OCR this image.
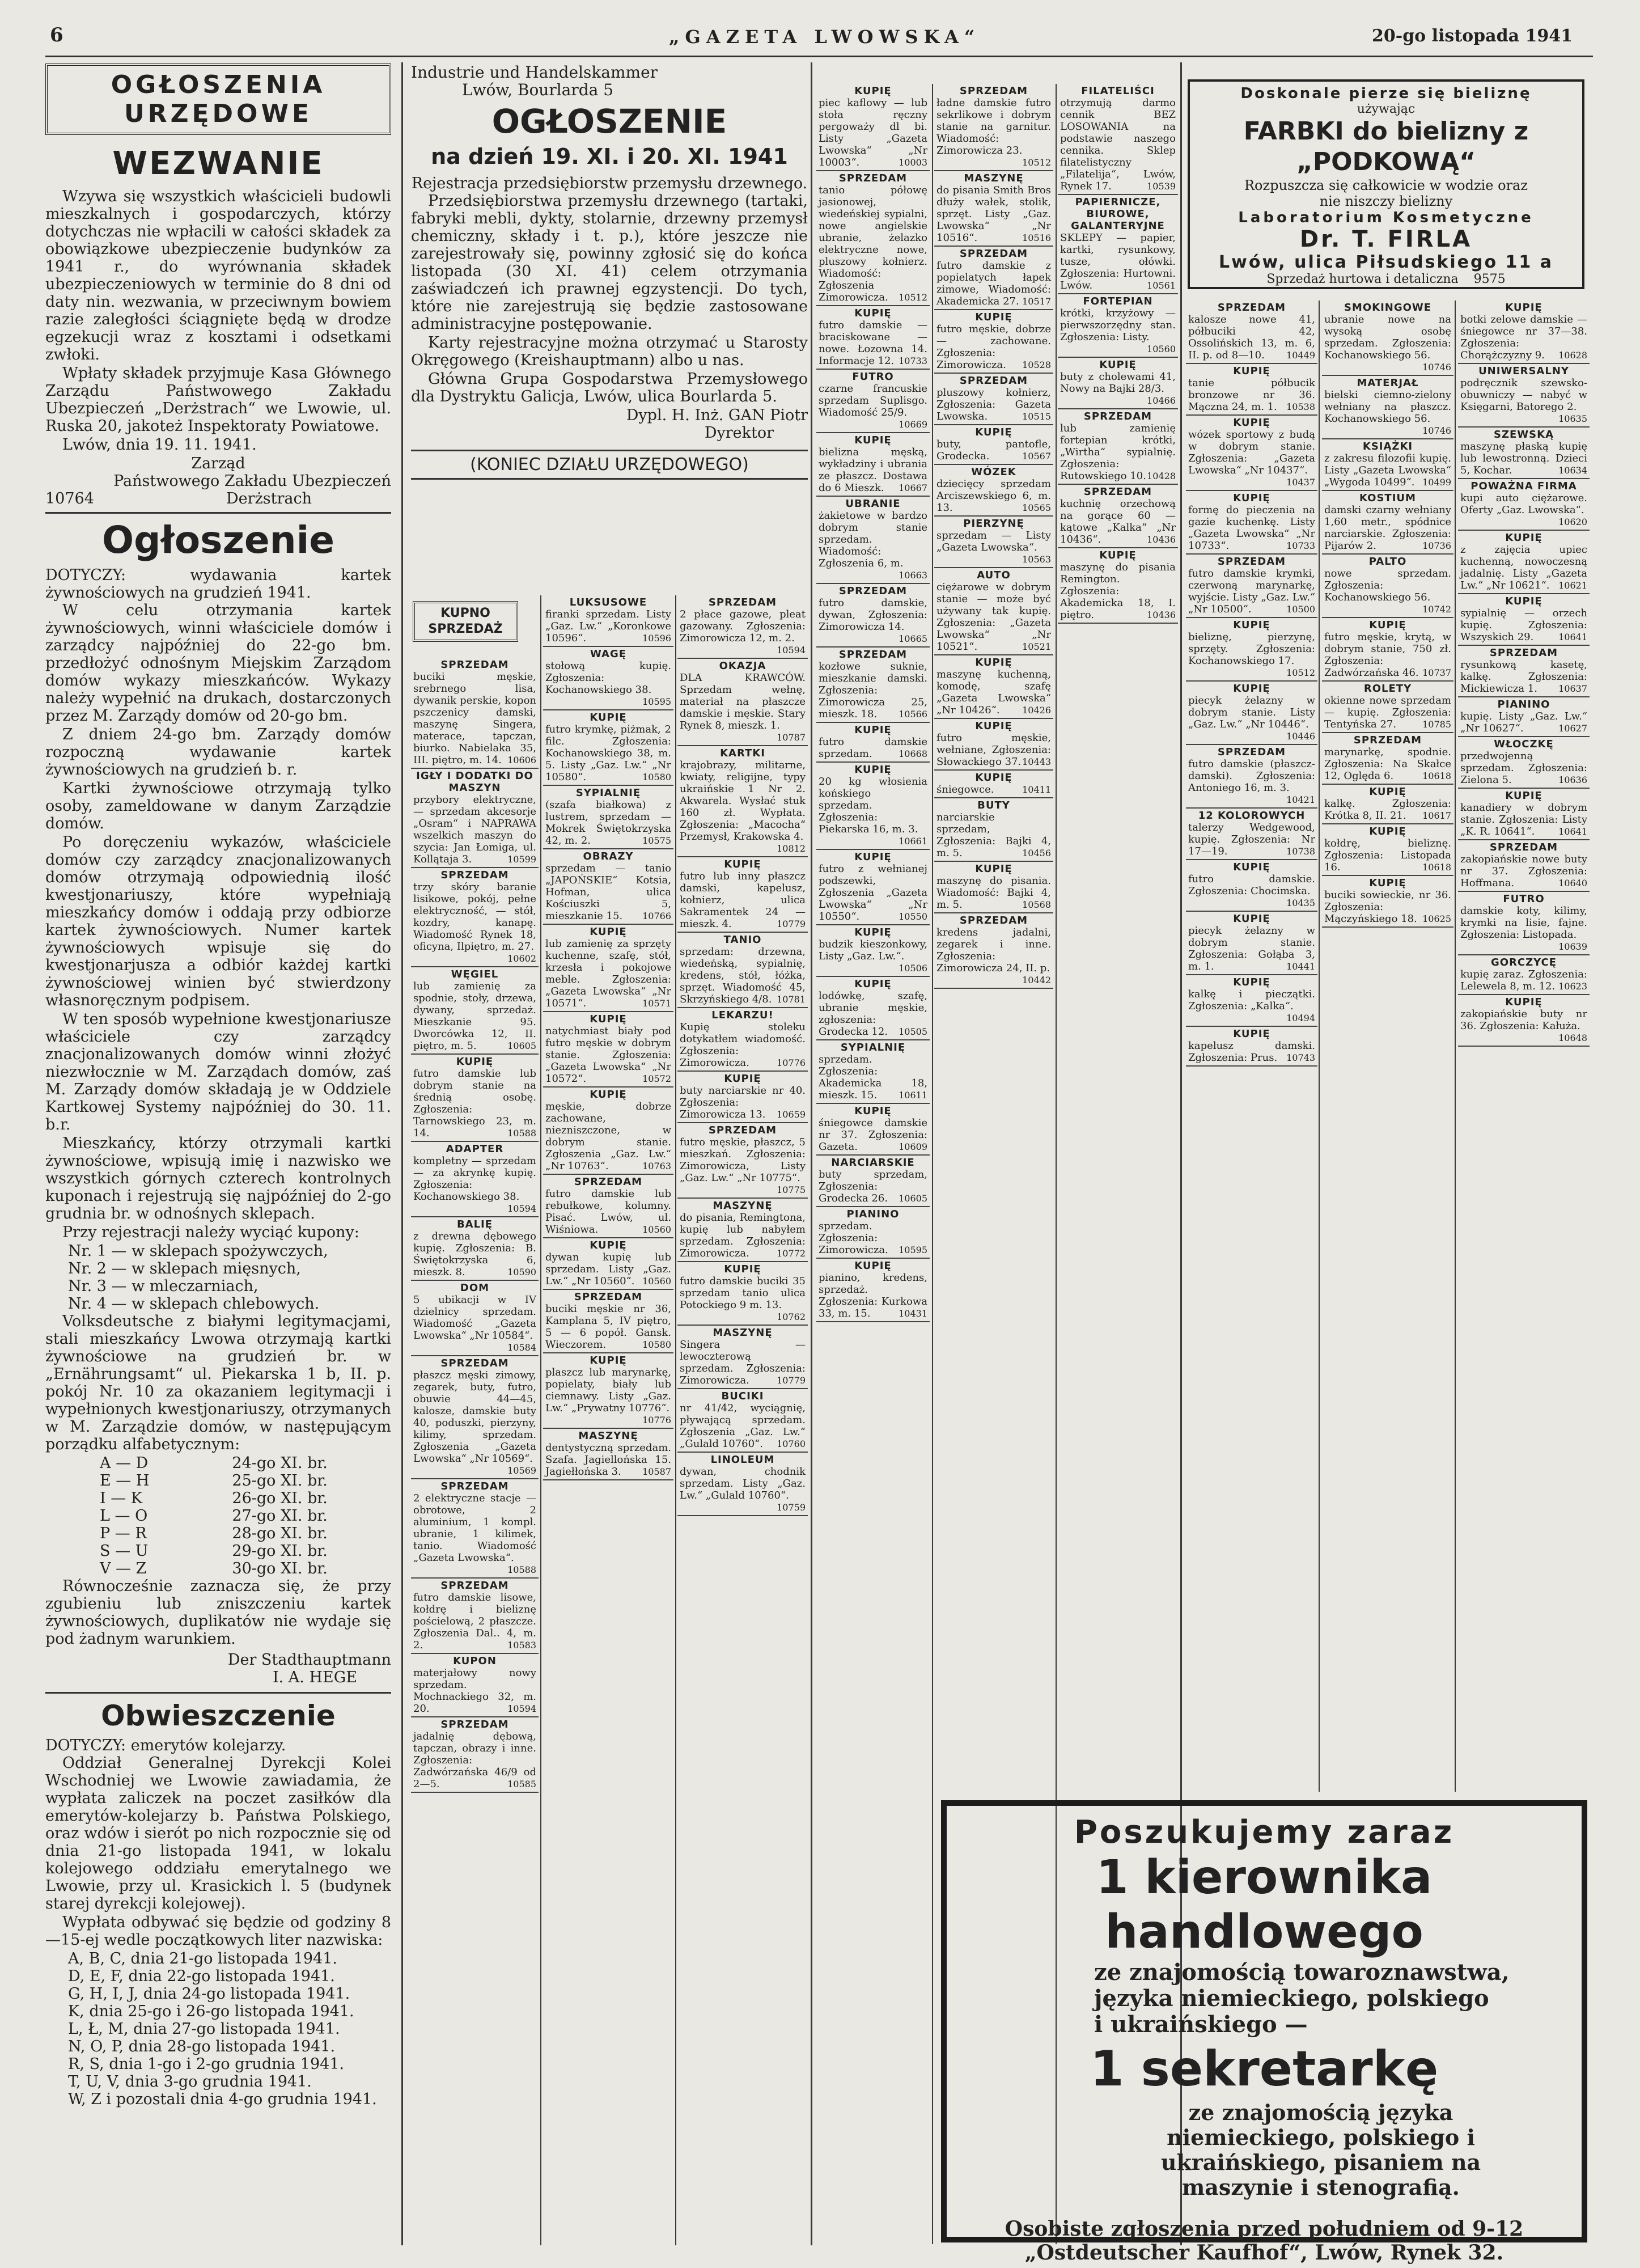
6	„GAZETA LWOWSKA“	20-go listopada 1941
OGŁOSZENIA URZĘDOWE
WEZWANIE

Wzywa się wszystkich właścicieli budowli mieszkalnych i gospodarczych, którzy dotychczas nie wpłacili w całości składek za obowiązkowe ubezpieczenie budynków za 1941 r., do wyrównania składek ubezpieczeniowych w terminie do 8 dni od daty nin. wezwania, w przeciwnym bowiem razie zaległości ściągnięte będą w drodze egzekucji wraz z kosztami i odsetkami zwłoki.

Wpłaty składek przyjmuje Kasa Głównego Zarządu Państwowego Zakładu Ubezpieczeń „Derżstrach“ we Lwowie, ul. Ruska 20, jakoteż Inspektoraty Powiatowe.

Lwów, dnia 19. 11. 1941.

Zarząd
Państwowego Zakładu Ubezpieczeń
10764	Derżstrach
Ogłoszenie
DOTYCZY: wydawania kartek żywnościowych na grudzień 1941.

W celu otrzymania kartek żywnościowych, winni właściciele domów i zarządcy najpóźniej do 22-go bm. przedłożyć odnośnym Miejskim Zarządom domów wykazy mieszkańców. Wykazy należy wypełnić na drukach, dostarczonych przez M. Zarządy domów od 20-go bm.

Z dniem 24-go bm. Zarządy domów rozpoczną wydawanie kartek żywnościowych na grudzień b. r.

Kartki żywnościowe otrzymają tylko osoby, zameldowane w danym Zarządzie domów.

Po doręczeniu wykazów, właściciele domów czy zarządcy znacjonalizowanych domów otrzymają odpowiednią ilość kwestjonariuszy, które wypełniają mieszkańcy domów i oddają przy odbiorze kartek żywnościowych. Numer kartek żywnościowych wpisuje się do kwestjonarjusza a odbiór każdej kartki żywnościowej winien być stwierdzony własnoręcznym podpisem.

W ten sposób wypełnione kwestjonariusze właściciele czy zarządcy znacjonalizowanych domów winni złożyć niezwłocznie w M. Zarządach domów, zaś M. Zarządy domów składają je w Oddziele Kartkowej Systemy najpóźniej do 30. 11. b.r.

Mieszkańcy, którzy otrzymali kartki żywnościowe, wpisują imię i nazwisko we wszystkich górnych czterech kontrolnych kuponach i rejestrują się najpóźniej do 2-go grudnia br. w odnośnych sklepach.

Przy rejestracji należy wyciąć kupony:

Nr. 1 — w sklepach spożywczych,
Nr. 2 — w sklepach mięsnych,
Nr. 3 — w mleczarniach,
Nr. 4 — w sklepach chlebowych.

Volksdeutsche z białymi legitymacjami, stali mieszkańcy Lwowa otrzymają kartki żywnościowe na grudzień br. w „Ernährungsamt“ ul. Piekarska 1 b, II. p. pokój Nr. 10 za okazaniem legitymacji i wypełnionych kwestjonariuszy, otrzymanych w M. Zarządzie domów, w następującym porządku alfabetycznym:

A — D	24-go XI. br.
E — H	25-go XI. br.
I — K	26-go XI. br.
L — O	27-go XI. br.
P — R	28-go XI. br.
S — U	29-go XI. br.
V — Z	30-go XI. br.

Równocześnie zaznacza się, że przy zgubieniu lub zniszczeniu kartek żywnościowych, duplikatów nie wydaje się pod żadnym warunkiem.

Der Stadthauptmann
I. A. HEGE
Obwieszczenie
DOTYCZY: emerytów kolejarzy.

Oddział Generalnej Dyrekcji Kolei Wschodniej we Lwowie zawiadamia, że wypłata zaliczek na poczet zasiłków dla emerytów-kolejarzy b. Państwa Polskiego, oraz wdów i sierót po nich rozpocznie się od dnia 21-go listopada 1941, w lokalu kolejowego oddziału emerytalnego we Lwowie, przy ul. Krasickich l. 5 (budynek starej dyrekcji kolejowej).

Wypłata odbywać się będzie od godziny 8—15-ej wedle początkowych liter nazwiska:

A, B, C, dnia 21-go listopada 1941.
D, E, F, dnia 22-go listopada 1941.
G, H, I, J, dnia 24-go listopada 1941.
K, dnia 25-go i 26-go listopada 1941.
L, Ł, M, dnia 27-go listopada 1941.
N, O, P, dnia 28-go listopada 1941.
R, S, dnia 1-go i 2-go grudnia 1941.
T, U, V, dnia 3-go grudnia 1941.
W, Z i pozostali dnia 4-go grudnia 1941.
Industrie und Handelskammer
Lwów, Bourlarda 5
OGŁOSZENIE
na dzień 19. XI. i 20. XI. 1941
Rejestracja przedsiębiorstw przemysłu drzewnego.

Przedsiębiorstwa przemysłu drzewnego (tartaki, fabryki mebli, dykty, stolarnie, drzewny przemysł chemiczny, składy i t. p.), które jeszcze nie zarejestrowały się, powinny zgłosić się do końca listopada (30 XI. 41) celem otrzymania zaświadczeń ich prawnej egzystencji. Do tych, które nie zarejestrują się będzie zastosowane administracyjne postępowanie.

Karty rejestracyjne można otrzymać u Starosty Okręgowego (Kreishauptmann) albo u nas.

Główna Grupa Gospodarstwa Przemysłowego dla Dystryktu Galicja, Lwów, ulica Bourlarda 5.

Dypl. H. Inż. GAN Piotr
Dyrektor
(KONIEC DZIAŁU URZĘDOWEGO)
KUPNO SPRZEDAŻ
SPRZEDAM
buciki męskie, srebrnego lisa, dywanik perskie, kopon pszczenicy damski, maszynę Singera, materace, tapczan, biurko. Nabielaka 35, III. piętro, m. 14. 10606
IGŁY I DODATKI DO MASZYN
przybory elektryczne, — sprzedam akcesorje „Osram“ i NAPRAWA wszelkich maszyn do szycia: Jan Łomiga, ul. Kollątaja 3.	10599
SPRZEDAM
trzy skóry baranie lisikowe, pokój, pełne elektryczność, — stół, kozdry, kanapę. Wiadomość Rynek 18, oficyna, Ilpiętro, m. 27.
10602
WĘGIEL
lub zamienię za spodnie, stoły, drzewa, dywany, sprzedaż. Mieszkanie 95. Dworcówka 12, II. piętro, m. 5.	10605
KUPIĘ
futro damskie lub dobrym stanie na średnią osobę. Zgłoszenia: Tarnowskiego 23, m. 14.	10588
ADAPTER
kompletny — sprzedam — za akrynkę kupię. Zgłoszenia: Kochanowskiego 38.
10594
BALIĘ
z drewna dębowego kupię. Zgłoszenia: B. Świętokrzyska 6, mieszk. 8.	10590
DOM
5 ubikacji w IV dzielnicy sprzedam. Wiadomość „Gazeta Lwowska“ „Nr 10584“.
10584
SPRZEDAM
płaszcz męski zimowy, zegarek, buty, futro, obuwie 44—45, kalosze, damskie buty 40, poduszki, pierzyny, kilimy, sprzedam. Zgłoszenia „Gazeta Lwowska“ „Nr 10569“.
10569
SPRZEDAM
2 elektryczne stacje — obrotowe, 2 aluminium, 1 kompl. ubranie, 1 kilimek, tanio. Wiadomość „Gazeta Lwowska“.
10588
SPRZEDAM
futro damskie lisowe, kołdrę i bieliznę pościelową, 2 płaszcze. Zgłoszenia Dal.. 4, m. 2.	10583
KUPON
materjałowy nowy sprzedam. Mochnackiego 32, m. 20.	10594
SPRZEDAM
jadalnię dębową, tapczan, obrazy i inne. Zgłoszenia: Zadwórzańska 46/9 od 2—5.	10585
LUKSUSOWE
firanki sprzedam. Listy „Gaz. Lw.“ „Koronkowe 10596“.	10596
WAGĘ
stołową kupię. Zgłoszenia: Kochanowskiego 38.
10595
KUPIĘ
futro krymkę, piżmak, 2 filc. Zgłoszenia: Kochanowskiego 38, m. 5. Listy „Gaz. Lw.“ „Nr 10580“.	10580
SYPIALNIĘ
(szafa białkowa) z lustrem, sprzedam — Mokrek Świętokrzyska 42, m. 2.	10575
OBRAZY
sprzedam — tanio „JAPOŃSKIE“ Kotsia, Hofman, ulica Kościuszki 5, mieszkanie 15. 10766
KUPIĘ
lub zamienię za sprzęty kuchenne, szafę, stół, krzesła i pokojowe meble. Zgłoszenia: „Gazeta Lwowska“ „Nr 10571“.	10571
KUPIĘ
natychmiast biały pod futro męskie w dobrym stanie. Zgłoszenia: „Gazeta Lwowska“ „Nr 10572“.	10572
KUPIĘ
męskie, dobrze zachowane, niezniszczone, w dobrym stanie. Zgłoszenia „Gaz. Lw.“ „Nr 10763“.	10763
SPRZEDAM
futro damskie lub rebułkowe, kolumny. Pisać. Lwów, ul. Wiśniowa.	10560
KUPIĘ
dywan kupię lub sprzedam. Listy „Gaz. Lw.“ „Nr 10560“. 10560
SPRZEDAM
buciki męskie nr 36, Kamplana 5, IV piętro, 5 — 6 popół. Gansk. Wieczorem.	10580
KUPIĘ
plaszcz lub marynarkę, popielaty, biały lub ciemnawy. Listy „Gaz. Lw.“ „Prywatny 10776“.
10776
MASZYNĘ
dentystyczną sprzedam. Szafa. Jagiellońska 15. Jagiełłońska 3. 10587
SPRZEDAM
2 płace gazowe, pleat gazowany. Zgłoszenia: Zimorowicza 12, m. 2.
10594
OKAZJA
DLA KRAWCÓW. Sprzedam wełnę, materiał na płaszcze damskie i męskie. Stary Rynek 8, mieszk. 1.
10787
KARTKI
krajobrazy, militarne, kwiaty, religijne, typy ukraińskie 1 Nr 2. Akwarela. Wysłać stuk 160 zł. Wypłata. Zgłoszenia: „Macocha“ Przemysł, Krakowska 4.
10812
KUPIĘ
futro lub inny płaszcz damski, kapelusz, kołnierz, ulica Sakramentek 24 — mieszk. 4.	10779
TANIO
sprzedam: drzewna, wiedeńską, sypialnię, kredens, stół, łóżka, sprzęt. Wiadomość 45, Skrzyńskiego 4/8. 10781
LEKARZU!
Kupię stoleku dotykatłem wiadomość. Zgłoszenia: Zimorowicza.	10776
KUPIĘ
buty narciarskie nr 40. Zgłoszenia: Zimorowicza 13. 10659
SPRZEDAM
futro męskie, płaszcz, 5 mieszkań. Zgłoszenia: Zimorowicza, Listy „Gaz. Lw.“ „Nr 10775“.
10775
MASZYNĘ
do pisania, Remingtona, kupię lub nabyłem sprzedam. Zgłoszenia: Zimorowicza.	10772
KUPIĘ
futro damskie buciki 35 sprzedam tanio ulica Potockiego 9 m. 13.
10762
MASZYNĘ
Singera — lewoczterową sprzedam. Zgłoszenia: Zimorowicza.	10779
BUCIKI
nr 41/42, wyciągnię, pływającą sprzedam. Zgłoszenia „Gaz. Lw.“ „Gulald 10760“. 10760
LINOLEUM
dywan, chodnik sprzedam. Listy „Gaz. Lw.“ „Gulald 10760“.
10759
KUPIĘ
piec kaflowy — lub stoła ręczny pergoważy dl bi. Listy „Gazeta Lwowska“ „Nr 10003“.	10003
SPRZEDAM
tanio półowę jasionowej, wiedeńskiej sypialni, nowe angielskie ubranie, żelazko elektryczne nowe, pluszowy kołnierz. Wiadomość: Zgłoszenia Zimorowicza. 10512
KUPIĘ
futro damskie — braciskowane — nowe. Łozowna 14. Informacje 12. 10733
FUTRO
czarne francuskie sprzedam Suplisgo. Wiadomość 25/9.
10669
KUPIĘ
bielizna męską, wykładziny i ubrania ze płaszcz. Dostawa do 6 Mieszk. 10667
UBRANIE
żakietowe w bardzo dobrym stanie sprzedam. Wiadomość: Zgłoszenia 6, m.
10663
SPRZEDAM
futro damskie, dywan, Zgłoszenia: Zimorowicza 14.
10665
SPRZEDAM
kozłowe suknie, mieszkanie damski. Zgłoszenia: Zimorowicza 25, mieszk. 18. 10566
KUPIĘ
futro damskie sprzedam.	10668
KUPIĘ
20 kg włosienia końskiego sprzedam. Zgłoszenia: Piekarska 16, m. 3.
10661
KUPIĘ
futro z wełnianej podszewki, Zgłoszenia „Gazeta Lwowska“ „Nr 10550“.	10550
KUPIĘ
budzik kieszonkowy, Listy „Gaz. Lw.“.
10506
KUPIĘ
lodówkę, szafę, ubranie męskie, zgłoszenia: Grodecka 12. 10505
SYPIALNIĘ
sprzedam. Zgłoszenia: Akademicka 18, mieszk. 15. 10611
KUPIĘ
śniegowce damskie nr 37. Zgłoszenia: Gazeta.	10609
NARCIARSKIE
buty sprzedam, Zgłoszenia: Grodecka 26. 10605
PIANINO
sprzedam. Zgłoszenia: Zimorowicza. 10595
KUPIĘ
pianino, kredens, sprzedaż. Zgłoszenia: Kurkowa 33, m. 15.	10431
SPRZEDAM
ładne damskie futro sekrlikowe i dobrym stanie na garnitur. Wiadomość: Zimorowicza 23.
10512
MASZYNĘ
do pisania Smith Bros dłuży wałek, stolik, sprzęt. Listy „Gaz. Lwowska“ „Nr 10516“.	10516
SPRZEDAM
futro damskie z popielatych łapek zimowe, Wiadomość: Akademicka 27. 10517
KUPIĘ
futro męskie, dobrze — zachowane. Zgłoszenia: Zimorowicza. 10528
SPRZEDAM
pluszowy kołnierz, Zgłoszenia: Gazeta Lwowska.	10515
KUPIĘ
buty, pantofle, Grodecka.	10567
WÓZEK
dziecięcy sprzedam Arciszewskiego 6, m. 13.	10565
PIERZYNĘ
sprzedam — Listy „Gazeta Lwowska“.
10563
AUTO
ciężarowe w dobrym stanie — może być używany tak kupię. Zgłoszenia: „Gazeta Lwowska“ „Nr 10521“.	10521
KUPIĘ
maszynę kuchenną, komodę, szafę „Gazeta Lwowska“ „Nr 10426“. 10426
KUPIĘ
futro męskie, wełniane, Zgłoszenia: Słowackiego 37. 10443
KUPIĘ
śniegowce.	10411
BUTY
narciarskie sprzedam, Zgłoszenia: Bajki 4, m. 5.	10456
KUPIĘ
maszynę do pisania. Wiadomość: Bajki 4, m. 5.	10568
SPRZEDAM
kredens jadalni, zegarek i inne. Zgłoszenia: Zimorowicza 24, II. p.
10442
FILATELIŚCI
otrzymują darmo cennik BEZ LOSOWANIA na podstawie naszego cennika. Sklep filatelistyczny „Filatelija“, Lwów, Rynek 17.	10539
PAPIERNICZE, BIUROWE, GALANTERYJNE
SKLEPY — papier, kartki, rysunkowy, tusze, ołówki. Zgłoszenia: Hurtowni. Lwów.	10561
FORTEPIAN
krótki, krzyżowy — pierwszorzędny stan. Zgłoszenia: Listy.
10560
KUPIĘ
buty z cholewami 41, Nowy na Bajki 28/3.
10466
SPRZEDAM
lub zamienię fortepian krótki, „Wirtha“ sypialnię. Zgłoszenia: Rutowskiego 10. 10428
SPRZEDAM
kuchnię orzechową na gorące 60 — kątowe „Kalka“ „Nr 10436“.	10436
KUPIĘ
maszynę do pisania Remington. Zgłoszenia: Akademicka 18, I. piętro.	10436
SPRZEDAM
kalosze nowe 41, półbuciki 42, Ossolińskich 13, m. 6, II. p. od 8—10. 10449
KUPIĘ
tanie półbucik bronzowe nr 36. Mączna 24, m. 1. 10538
KUPIĘ
wózek sportowy z budą w dobrym stanie. Zgłoszenia: „Gazeta Lwowska“ „Nr 10437“.
10437
KUPIĘ
formę do pieczenia na gazie kuchenkę. Listy „Gazeta Lwowska“ „Nr 10733“.	10733
SPRZEDAM
futro damskie krymki, czerwoną marynarkę, wyjście. Listy „Gaz. Lw.“ „Nr 10500“.	10500
KUPIĘ
bieliznę, pierzynę, sprzęty. Zgłoszenia: Kochanowskiego 17.
10512
KUPIĘ
piecyk żelazny w dobrym stanie. Listy „Gaz. Lw.“ „Nr 10446“.
10446
SPRZEDAM
futro damskie (płaszcz-damski). Zgłoszenia: Antoniego 16, m. 3.
10421
12 KOLOROWYCH
talerzy Wedgewood, kupię. Zgłoszenia: Nr 17—19.	10738
KUPIĘ
futro damskie. Zgłoszenia: Chocimska.
10435
KUPIĘ
piecyk żelazny w dobrym stanie. Zgłoszenia: Gołąba 3, m. 1.	10441
KUPIĘ
kalkę i pieczątki. Zgłoszenia: „Kalka“.
10494
KUPIĘ
kapelusz damski. Zgłoszenia: Prus. 10743
SMOKINGOWE
ubranie nowe na wysoką osobę sprzedam. Zgłoszenia: Kochanowskiego 56.
10746
MATERJAŁ
bielski ciemno-zielony wełniany na płaszcz. Kochanowskiego 56.
10746
KSIĄŻKI
z zakresu filozofii kupię. Listy „Gazeta Lwowska“ „Wygoda 10499“. 10499
KOSTIUM
damski czarny wełniany 1,60 metr., spódnice narciarskie. Zgłoszenia: Pijarów 2.	10736
PALTO
nowe sprzedam. Zgłoszenia: Kochanowskiego 56.
10742
KUPIĘ
futro męskie, krytą, w dobrym stanie, 750 zł. Zgłoszenia: Zadwórzańska 46. 10737
ROLETY
okienne nowe sprzedam — kupię. Zgłoszenia: Tentyńska 27.	10785
SPRZEDAM
marynarkę, spodnie. Zgłoszenia: Na Skałce 12, Oględa 6.	10618
KUPIĘ
kalkę. Zgłoszenia: Krótka 8, II. 21. 10617
KUPIĘ
kołdrę, bieliznę. Zgłoszenia: Listopada 16.	10618
KUPIĘ
buciki sowieckie, nr 36. Zgłoszenia: Mączyńskiego 18. 10625
KUPIĘ
botki zelowe damskie — śniegowce nr 37—38. Zgłoszenia: Chorążczyzny 9. 10628
UNIWERSALNY
podręcznik szewsko-obuwniczy — nabyć w Księgarni, Batorego 2.
10635
SZEWSKĄ
maszynę płaską kupię lub lewostronną. Dzieci 5, Kochar.	10634
POWAŻNA FIRMA
kupi auto ciężarowe. Oferty „Gaz. Lwowska“.
10620
KUPIĘ
z zajęcia upiec kuchenną, nowoczesną jadalnię. Listy „Gazeta Lw.“ „Nr 10621“. 10621
KUPIĘ
sypialnię — orzech kupię. Zgłoszenia: Wszyskich 29.	10641
SPRZEDAM
rysunkową kasetę, kalkę. Zgłoszenia: Mickiewicza 1. 10637
PIANINO
kupię. Listy „Gaz. Lw.“ „Nr 10627“.	10627
WŁOCZKĘ
przedwojenną sprzedam. Zgłoszenia: Zielona 5.	10636
KUPIĘ
kanadiery w dobrym stanie. Zgłoszenia: Listy „K. R. 10641“.	10641
SPRZEDAM
zakopiańskie nowe buty nr 37. Zgłoszenia: Hoffmana.	10640
FUTRO
damskie koty, kilimy, krymki na lisie, fajne. Zgłoszenia: Listopada.
10639
GORCZYCĘ
kupię zaraz. Zgłoszenia: Lelewela 8, m. 12. 10623
KUPIĘ
zakopiańskie buty nr 36. Zgłoszenia: Kałuża.
10648
Doskonale pierze się bieliznę
używając
FARBKI do bielizny z „PODKOWĄ“
Rozpuszcza się całkowicie w wodzie oraz
nie niszczy bielizny
Laboratorium Kosmetyczne
Dr. T. FIRLA
Lwów, ulica Piłsudskiego 11 a
Sprzedaż hurtowa i detaliczna 9575
Poszukujemy zaraz
1 kierownika handlowego
ze znajomością towaroznawstwa,
języka niemieckiego, polskiego
i ukraińskiego —
1 sekretarkę
ze znajomością języka niemieckiego, polskiego i ukraińskiego, pisaniem na maszynie i stenografią.
Osobiste zgłoszenia przed południem od 9-12
„Ostdeutscher Kaufhof“, Lwów, Rynek 32.
